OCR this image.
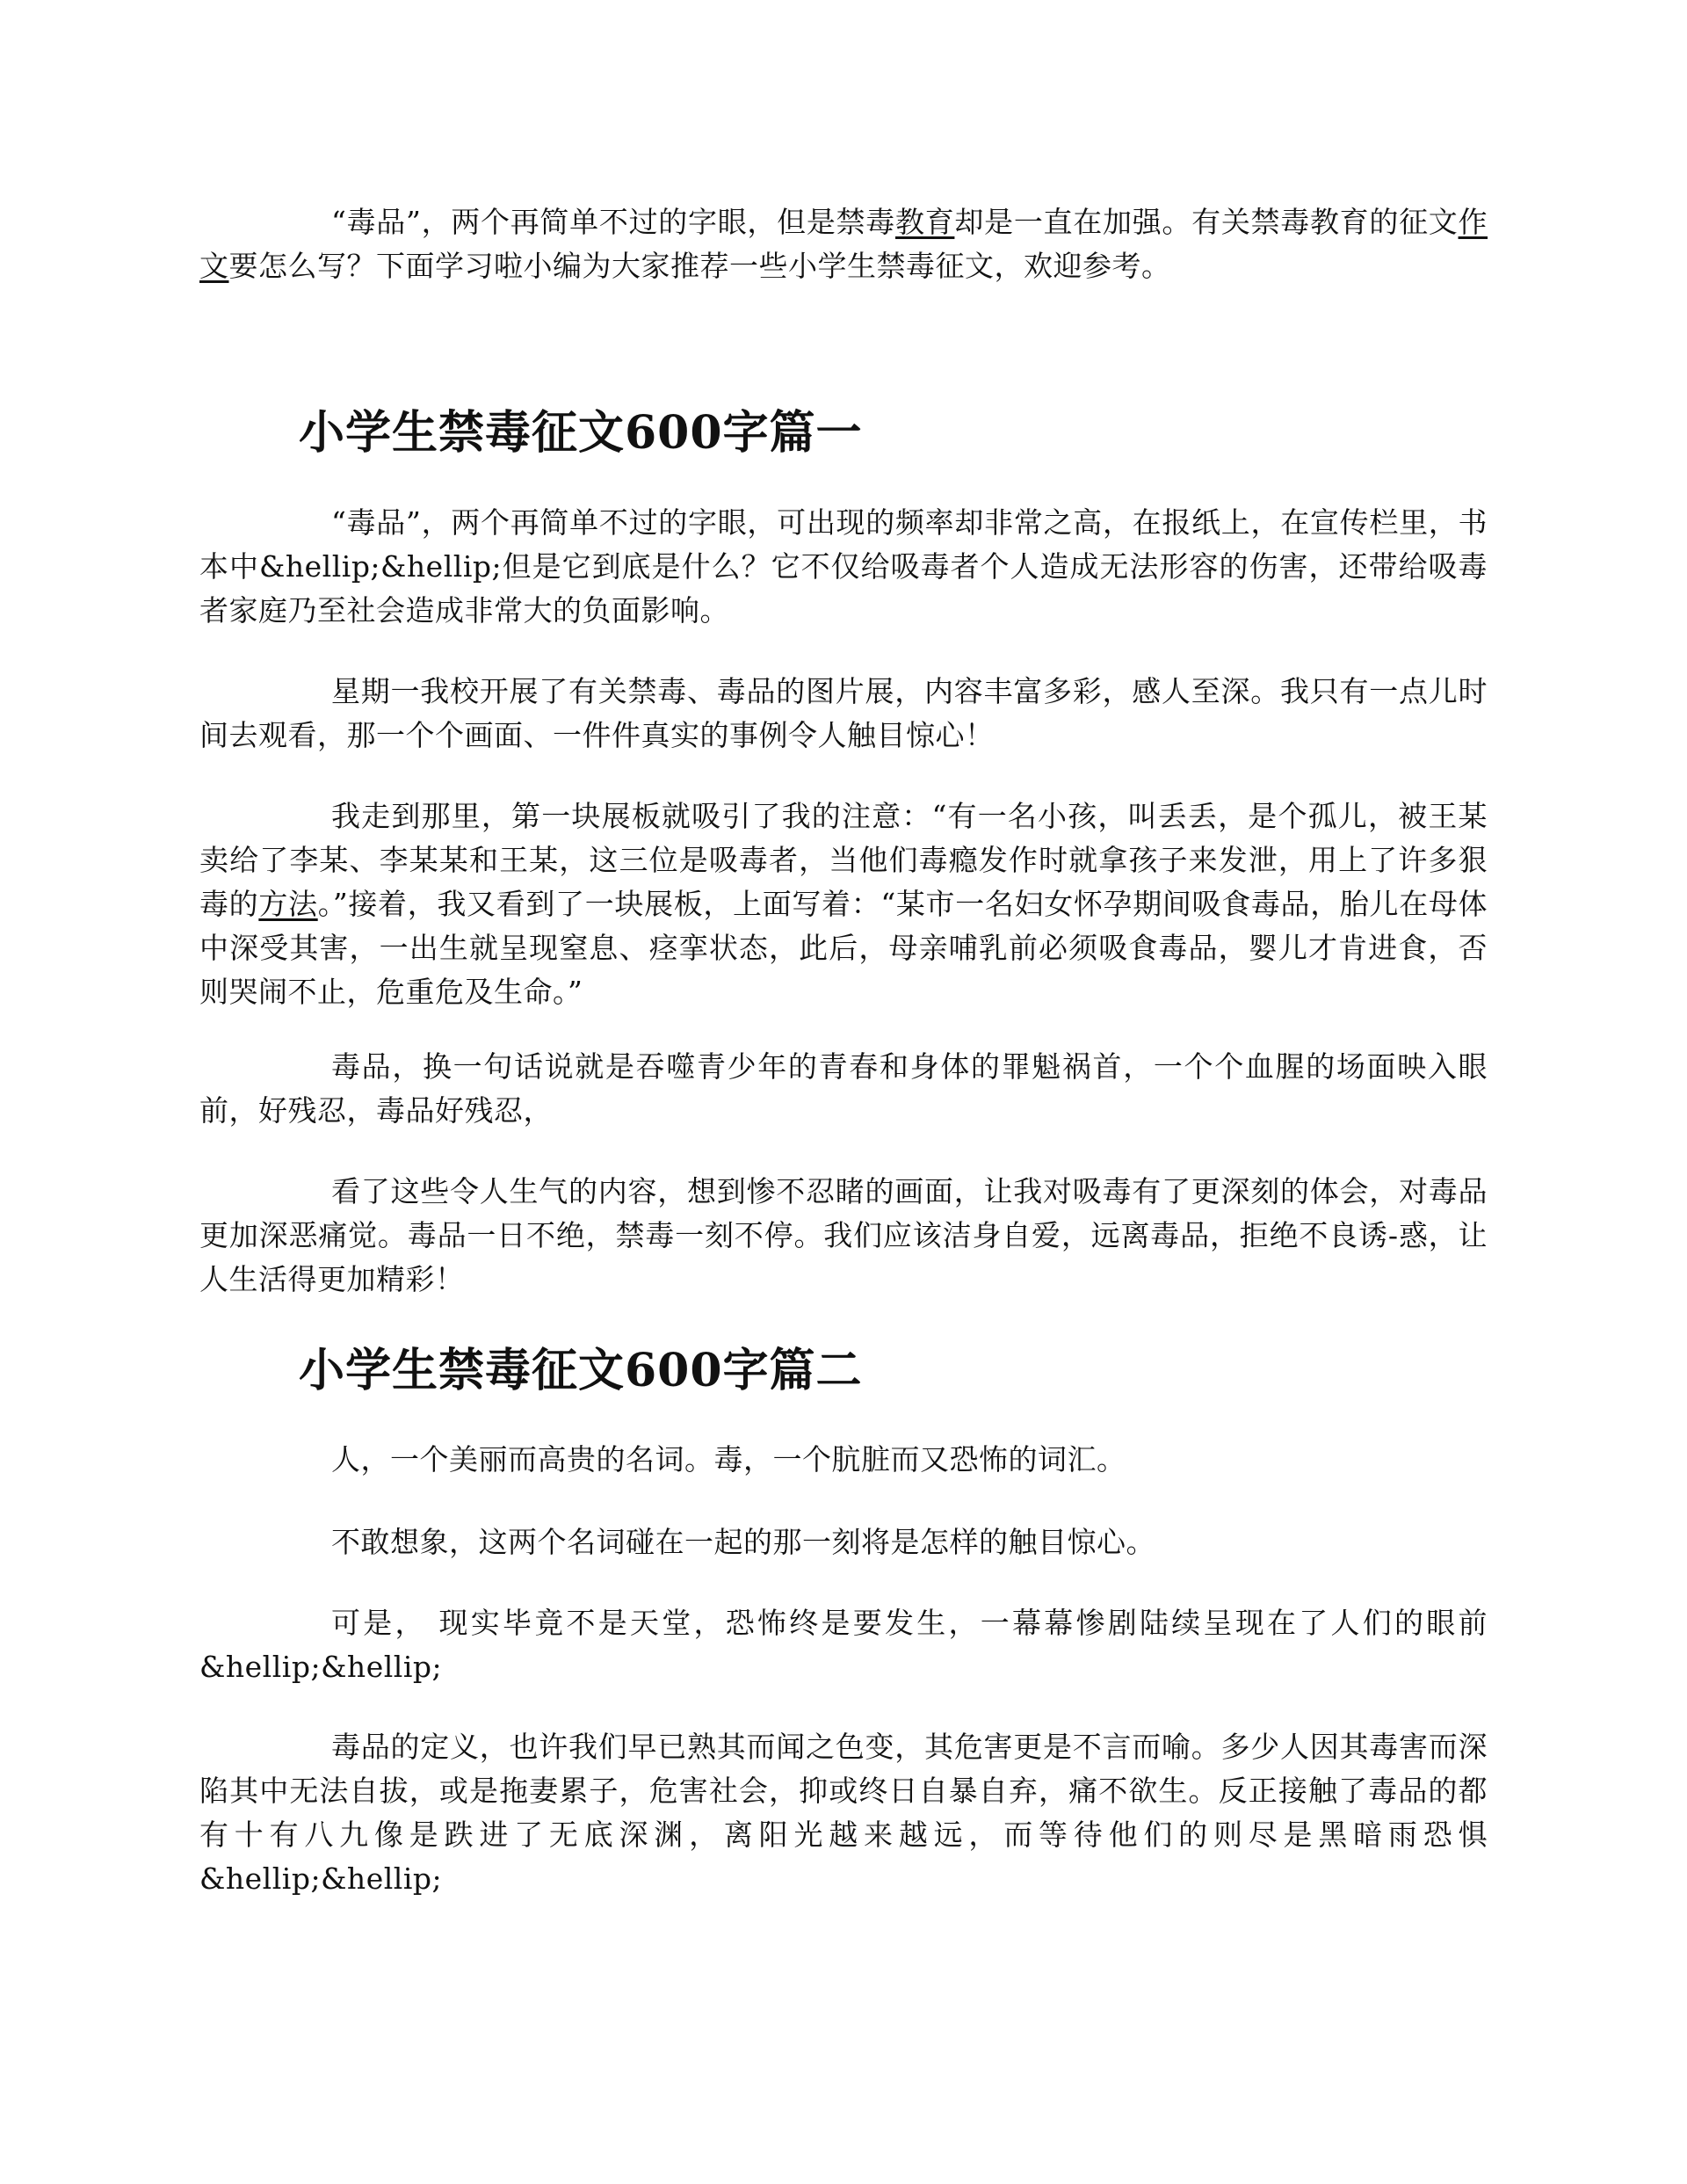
“毒品”，两个再简单不过的字眼，但是禁毒教育却是一直在加强。有关禁毒教育的征文作文要怎么写？下面学习啦小编为大家推荐一些小学生禁毒征文，欢迎参考。

小学生禁毒征文600字篇一

“毒品”，两个再简单不过的字眼，可出现的频率却非常之高，在报纸上，在宣传栏里，书本中&hellip;&hellip;但是它到底是什么？它不仅给吸毒者个人造成无法形容的伤害，还带给吸毒者家庭乃至社会造成非常大的负面影响。

星期一我校开展了有关禁毒、毒品的图片展，内容丰富多彩，感人至深。我只有一点儿时间去观看，那一个个画面、一件件真实的事例令人触目惊心！

我走到那里，第一块展板就吸引了我的注意：“有一名小孩，叫丢丢，是个孤儿，被王某卖给了李某、李某某和王某，这三位是吸毒者，当他们毒瘾发作时就拿孩子来发泄，用上了许多狠毒的方法。”接着，我又看到了一块展板，上面写着：“某市一名妇女怀孕期间吸食毒品，胎儿在母体中深受其害，一出生就呈现窒息、痉挛状态，此后，母亲哺乳前必须吸食毒品，婴儿才肯进食，否则哭闹不止，危重危及生命。”

毒品，换一句话说就是吞噬青少年的青春和身体的罪魁祸首，一个个血腥的场面映入眼前，好残忍，毒品好残忍，

看了这些令人生气的内容，想到惨不忍睹的画面，让我对吸毒有了更深刻的体会，对毒品更加深恶痛觉。毒品一日不绝，禁毒一刻不停。我们应该洁身自爱，远离毒品，拒绝不良诱-惑，让人生活得更加精彩！

小学生禁毒征文600字篇二

人，一个美丽而高贵的名词。毒，一个肮脏而又恐怖的词汇。

不敢想象，这两个名词碰在一起的那一刻将是怎样的触目惊心。

可是， 现实毕竟不是天堂，恐怖终是要发生，一幕幕惨剧陆续呈现在了人们的眼前&hellip;&hellip;

毒品的定义，也许我们早已熟其而闻之色变，其危害更是不言而喻。多少人因其毒害而深陷其中无法自拔，或是拖妻累子，危害社会，抑或终日自暴自弃，痛不欲生。反正接触了毒品的都有十有八九像是跌进了无底深渊，离阳光越来越远，而等待他们的则尽是黑暗雨恐惧&hellip;&hellip;
